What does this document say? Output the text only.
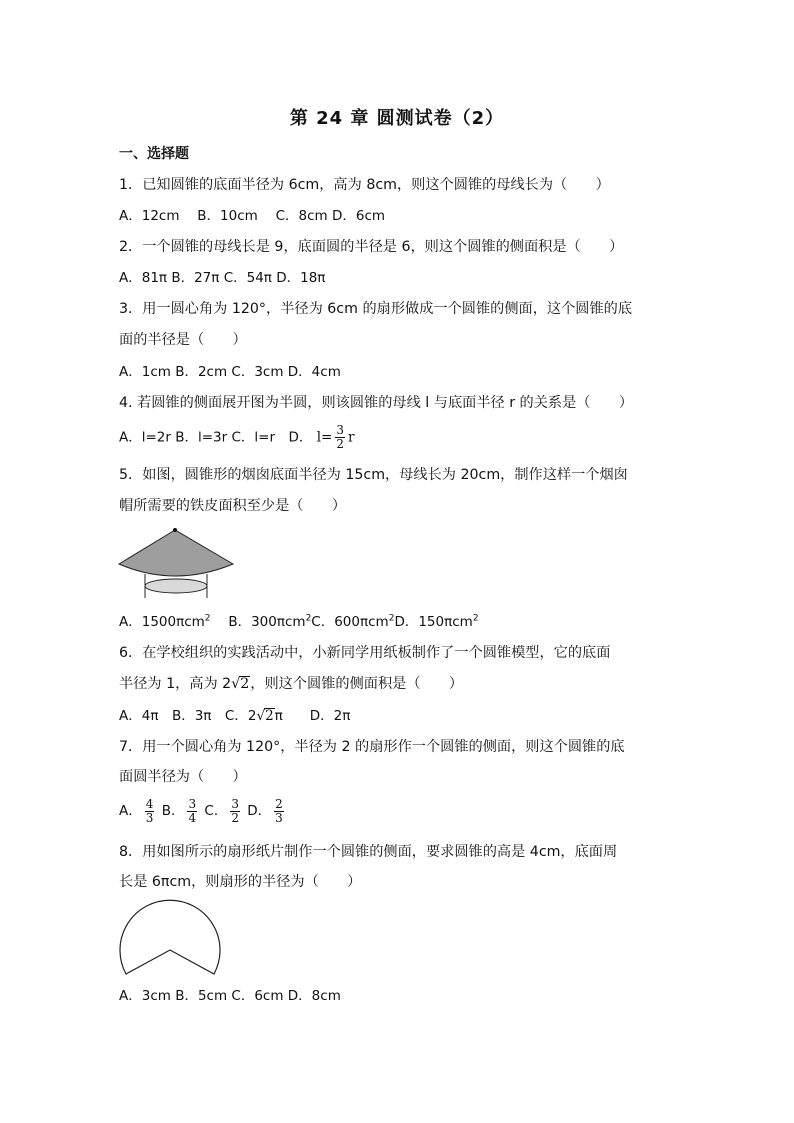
第 24 章 圆测试卷（2）
一、选择题
1．已知圆锥的底面半径为 6cm，高为 8cm，则这个圆锥的母线长为（　　）
A．12cm　 B．10cm　 C．8cm D．6cm
2．一个圆锥的母线长是 9，底面圆的半径是 6，则这个圆锥的侧面积是（　　）
A．81π B．27π C．54π D．18π
3．用一圆心角为 120°，半径为 6cm 的扇形做成一个圆锥的侧面，这个圆锥的底
面的半径是（　　）
A．1cm B．2cm C．3cm D．4cm
4. 若圆锥的侧面展开图为半圆，则该圆锥的母线 l 与底面半径 r 的关系是（　　）
A．l=2r B．l=3r C．l=r　D． $l= \frac{3}{2}$ r
5．如图，圆锥形的烟囱底面半径为 15cm，母线长为 20cm，制作这样一个烟囱
帽所需要的铁皮面积至少是（　　）
A．1500πcm$^2$ 　B．300πcm$^2$C．600πcm$^2$D．150πcm$^2$
6．在学校组织的实践活动中，小新同学用纸板制作了一个圆锥模型，它的底面
半径为 1，高为 2√2，则这个圆锥的侧面积是（　　）
A．4π　B．3π　C．2√2π　　D．2π
7．用一个圆心角为 120°，半径为 2 的扇形作一个圆锥的侧面，则这个圆锥的底
面圆半径为（　　）
A． $\frac{4}{3}$ B． $\frac{3}{4}$ C． $\frac{3}{2}$ D． $\frac{2}{3}$
8．用如图所示的扇形纸片制作一个圆锥的侧面，要求圆锥的高是 4cm，底面周
长是 6πcm，则扇形的半径为（　　）
A．3cm B．5cm C．6cm D．8cm
